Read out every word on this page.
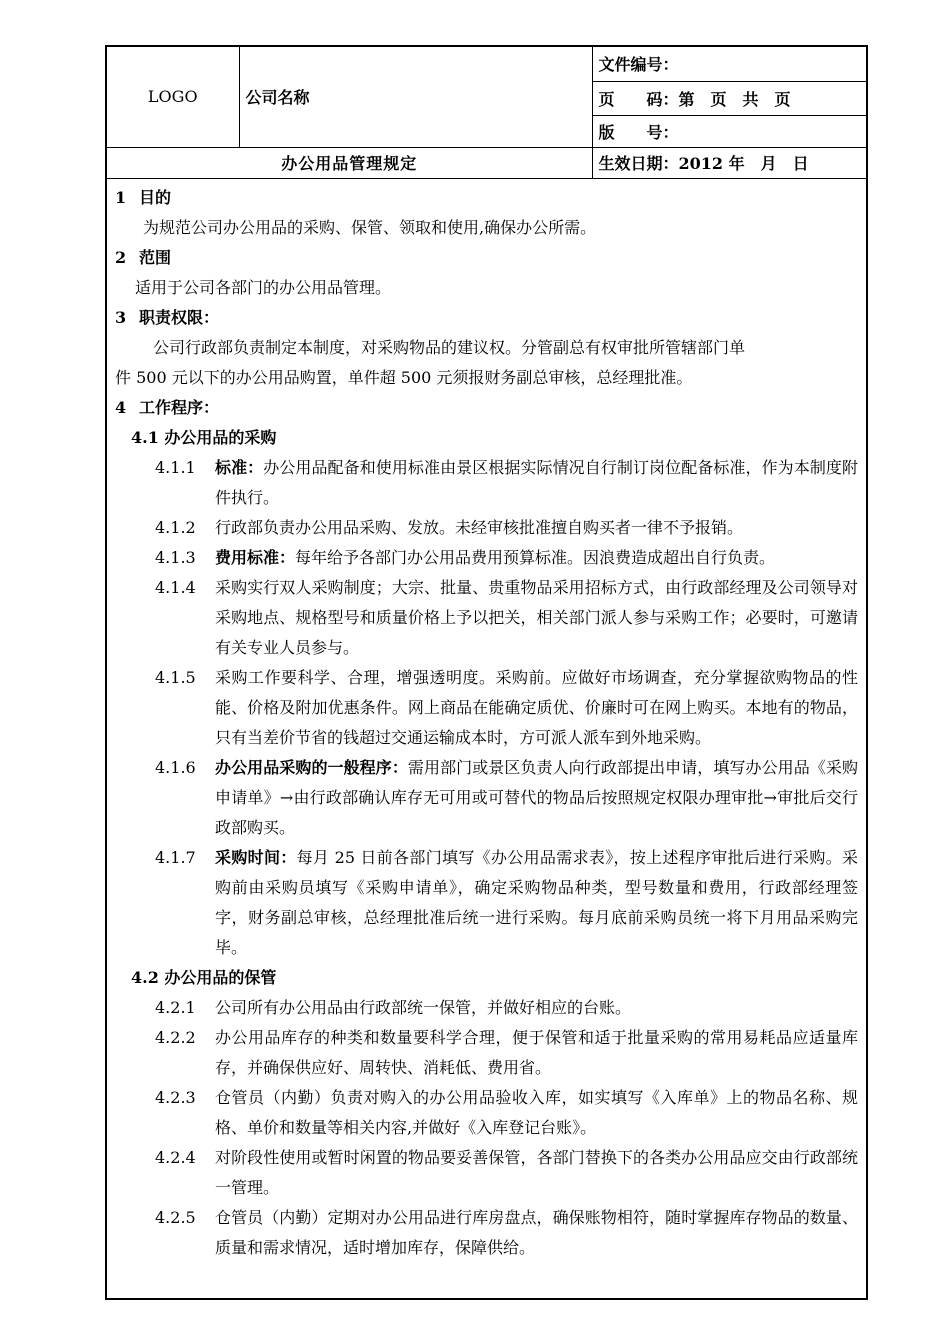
LOGO	公司名称	文件编号：
		页　　码：第　页　共　页
		版　　号：
办公用品管理规定		生效日期：2012 年　月　日
1 目的
为规范公司办公用品的采购、保管、领取和使用,确保办公所需。
2 范围
适用于公司各部门的办公用品管理。
3 职责权限：
公司行政部负责制定本制度，对采购物品的建议权。分管副总有权审批所管辖部门单
件 500 元以下的办公用品购置，单件超 500 元须报财务副总审核，总经理批准。
4 工作程序：
4.1 办公用品的采购
4.1.1	标准：办公用品配备和使用标准由景区根据实际情况自行制订岗位配备标准，作为本制度附件执行。
4.1.2	行政部负责办公用品采购、发放。未经审核批准擅自购买者一律不予报销。
4.1.3	费用标准：每年给予各部门办公用品费用预算标准。因浪费造成超出自行负责。
4.1.4	采购实行双人采购制度；大宗、批量、贵重物品采用招标方式，由行政部经理及公司领导对采购地点、规格型号和质量价格上予以把关，相关部门派人参与采购工作；必要时，可邀请有关专业人员参与。
4.1.5	采购工作要科学、合理，增强透明度。采购前。应做好市场调查，充分掌握欲购物品的性能、价格及附加优惠条件。网上商品在能确定质优、价廉时可在网上购买。本地有的物品，只有当差价节省的钱超过交通运输成本时，方可派人派车到外地采购。
4.1.6	办公用品采购的一般程序：需用部门或景区负责人向行政部提出申请，填写办公用品《采购申请单》→由行政部确认库存无可用或可替代的物品后按照规定权限办理审批→审批后交行政部购买。
4.1.7	采购时间：每月 25 日前各部门填写《办公用品需求表》，按上述程序审批后进行采购。采购前由采购员填写《采购申请单》，确定采购物品种类，型号数量和费用，行政部经理签字，财务副总审核，总经理批准后统一进行采购。每月底前采购员统一将下月用品采购完毕。
4.2 办公用品的保管
4.2.1	公司所有办公用品由行政部统一保管，并做好相应的台账。
4.2.2	办公用品库存的种类和数量要科学合理，便于保管和适于批量采购的常用易耗品应适量库存，并确保供应好、周转快、消耗低、费用省。
4.2.3	仓管员（内勤）负责对购入的办公用品验收入库，如实填写《入库单》上的物品名称、规格、单价和数量等相关内容,并做好《入库登记台账》。
4.2.4	对阶段性使用或暂时闲置的物品要妥善保管，各部门替换下的各类办公用品应交由行政部统一管理。
4.2.5	仓管员（内勤）定期对办公用品进行库房盘点，确保账物相符，随时掌握库存物品的数量、质量和需求情况，适时增加库存，保障供给。
